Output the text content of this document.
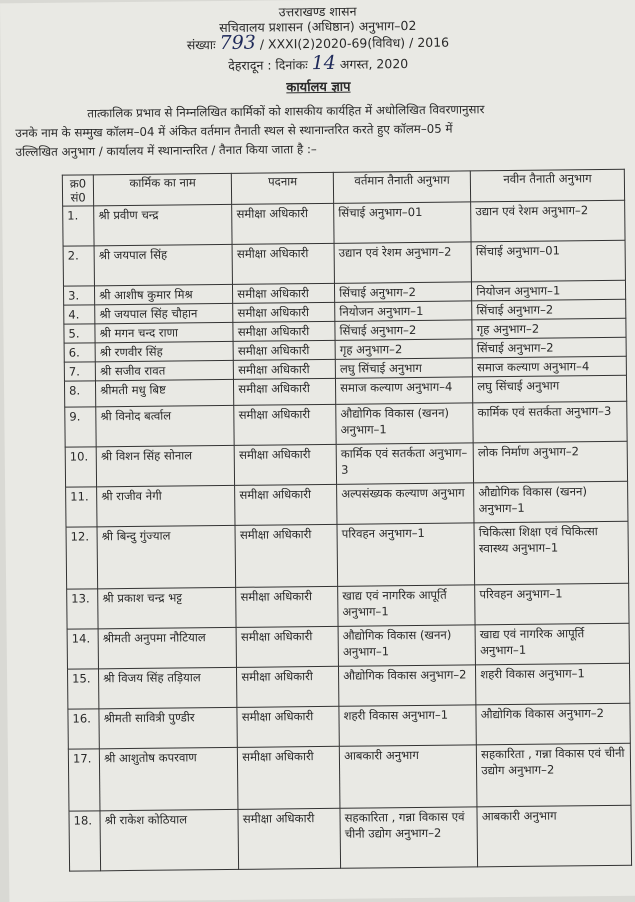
उत्तराखण्ड शासन
सचिवालय प्रशासन (अधिष्ठान) अनुभाग–02
संख्याः 793 / XXXI(2)2020-69(विविध) / 2016
देहरादून : दिनांकः 14 अगस्त, 2020
कार्यालय ज्ञाप
तात्कालिक प्रभाव से निम्नलिखित कार्मिकों को शासकीय कार्यहित में अधोलिखित विवरणानुसार
उनके नाम के सम्मुख कॉलम–04 में अंकित वर्तमान तैनाती स्थल से स्थानान्तरित करते हुए कॉलम–05 में
उल्लिखित अनुभाग / कार्यालय में स्थानान्तरित / तैनात किया जाता है :–
क्र0 सं0	कार्मिक का नाम	पदनाम	वर्तमान तैनाती अनुभाग	नवीन तैनाती अनुभाग
1.	श्री प्रवीण चन्द्र	समीक्षा अधिकारी	सिंचाई अनुभाग–01	उद्यान एवं रेशम अनुभाग–2
2.	श्री जयपाल सिंह	समीक्षा अधिकारी	उद्यान एवं रेशम अनुभाग–2	सिंचाई अनुभाग–01
3.	श्री आशीष कुमार मिश्र	समीक्षा अधिकारी	सिंचाई अनुभाग–2	नियोजन अनुभाग–1
4.	श्री जयपाल सिंह चौहान	समीक्षा अधिकारी	नियोजन अनुभाग–1	सिंचाई अनुभाग–2
5.	श्री मगन चन्द राणा	समीक्षा अधिकारी	सिंचाई अनुभाग–2	गृह अनुभाग–2
6.	श्री रणवीर सिंह	समीक्षा अधिकारी	गृह अनुभाग–2	सिंचाई अनुभाग–2
7.	श्री सजीव रावत	समीक्षा अधिकारी	लघु सिंचाई अनुभाग	समाज कल्याण अनुभाग–4
8.	श्रीमती मधु बिष्ट	समीक्षा अधिकारी	समाज कल्याण अनुभाग–4	लघु सिंचाई अनुभाग
9.	श्री विनोद बर्त्वाल	समीक्षा अधिकारी	औद्योगिक विकास (खनन) अनुभाग–1	कार्मिक एवं सतर्कता अनुभाग–3
10.	श्री विशन सिंह सोनाल	समीक्षा अधिकारी	कार्मिक एवं सतर्कता अनुभाग–3	लोक निर्माण अनुभाग–2
11.	श्री राजीव नेगी	समीक्षा अधिकारी	अल्पसंख्यक कल्याण अनुभाग	औद्योगिक विकास (खनन) अनुभाग–1
12.	श्री बिन्दु गुंज्याल	समीक्षा अधिकारी	परिवहन अनुभाग–1	चिकित्सा शिक्षा एवं चिकित्सा स्वास्थ्य अनुभाग–1
13.	श्री प्रकाश चन्द्र भट्ट	समीक्षा अधिकारी	खाद्य एवं नागरिक आपूर्ति अनुभाग–1	परिवहन अनुभाग–1
14.	श्रीमती अनुपमा नौटियाल	समीक्षा अधिकारी	औद्योगिक विकास (खनन) अनुभाग–1	खाद्य एवं नागरिक आपूर्ति अनुभाग–1
15.	श्री विजय सिंह तड़ियाल	समीक्षा अधिकारी	औद्योगिक विकास अनुभाग–2	शहरी विकास अनुभाग–1
16.	श्रीमती सावित्री पुण्डीर	समीक्षा अधिकारी	शहरी विकास अनुभाग–1	औद्योगिक विकास अनुभाग–2
17.	श्री आशुतोष कपरवाण	समीक्षा अधिकारी	आबकारी अनुभाग	सहकारिता , गन्ना विकास एवं चीनी उद्योग अनुभाग–2
18.	श्री राकेश कोठियाल	समीक्षा अधिकारी	सहकारिता , गन्ना विकास एवं चीनी उद्योग अनुभाग–2	आबकारी अनुभाग
